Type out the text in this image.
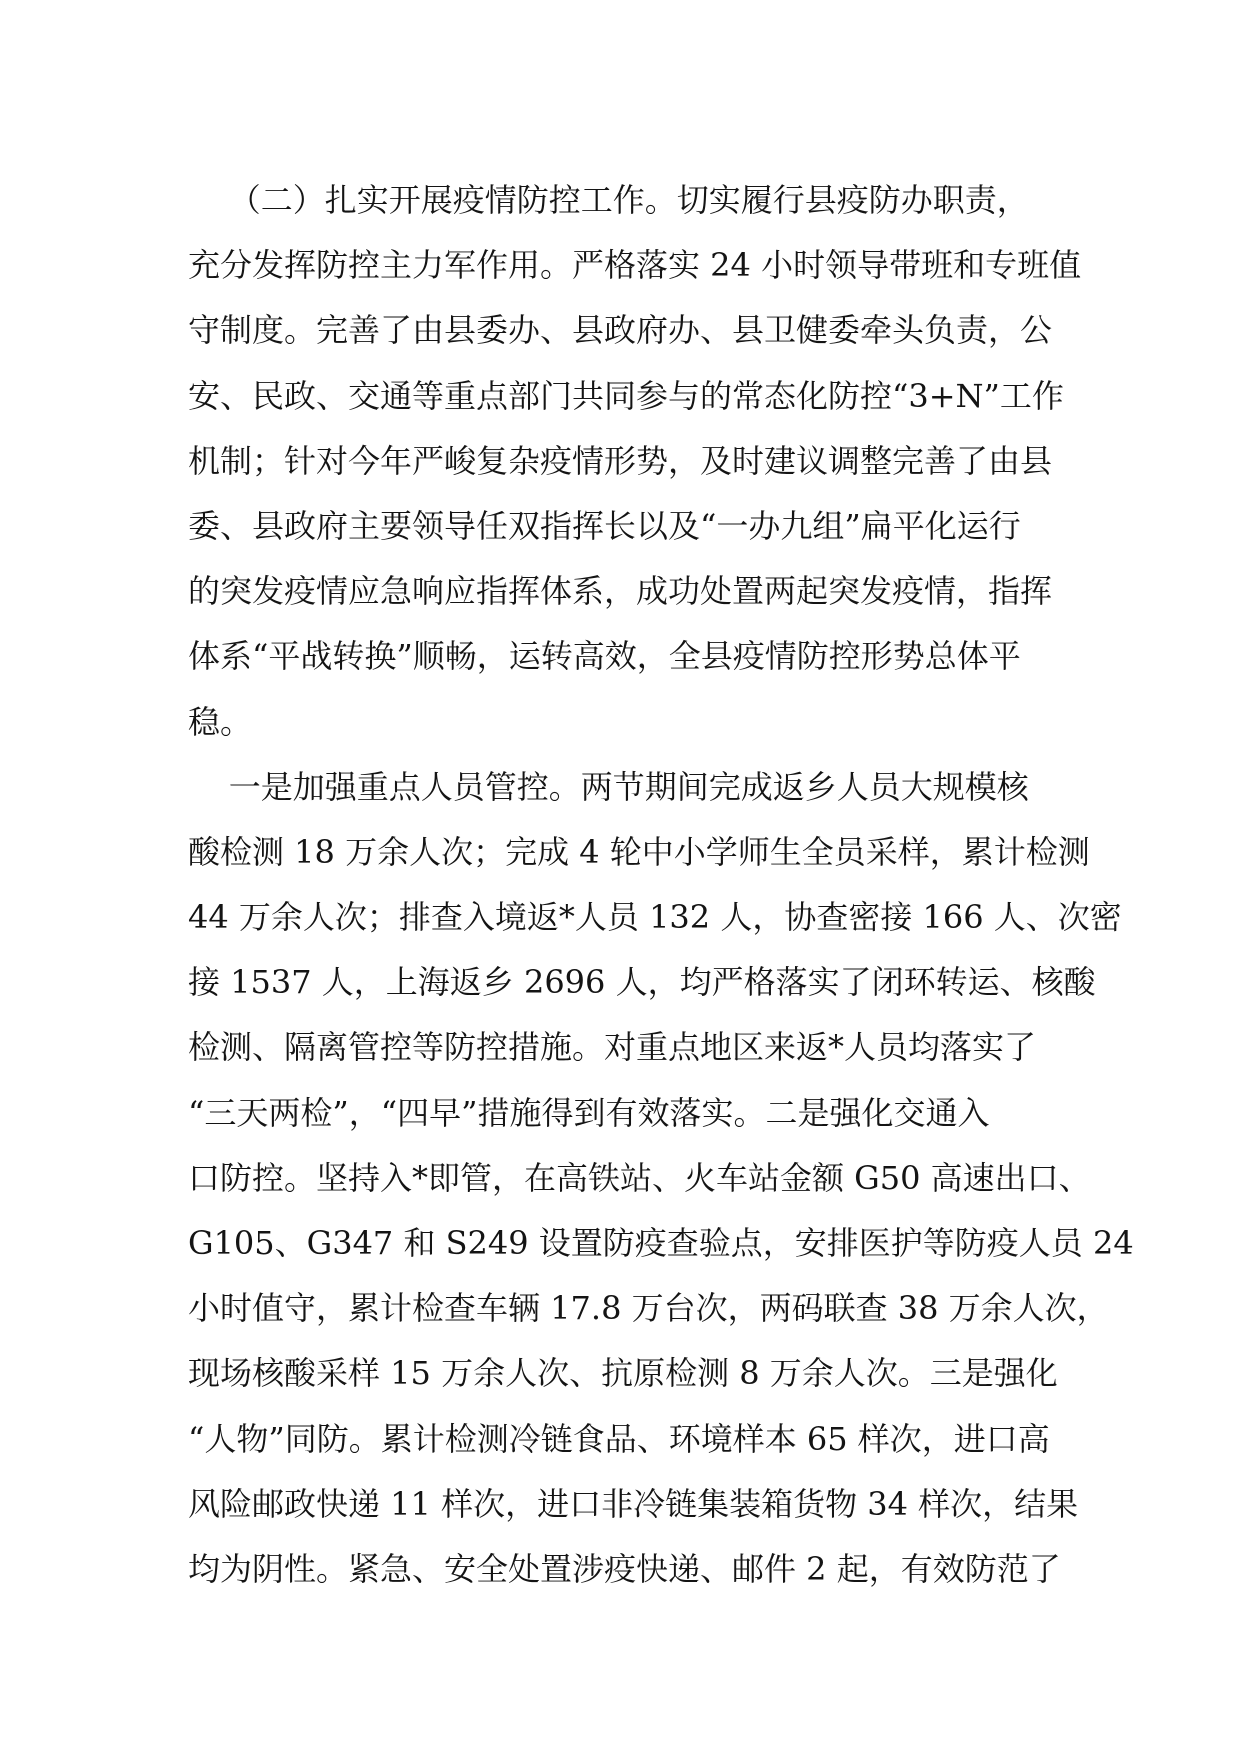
（二）扎实开展疫情防控工作。切实履行县疫防办职责，
充分发挥防控主力军作用。严格落实 24 小时领导带班和专班值
守制度。完善了由县委办、县政府办、县卫健委牵头负责，公
安、民政、交通等重点部门共同参与的常态化防控“3+N”工作
机制；针对今年严峻复杂疫情形势，及时建议调整完善了由县
委、县政府主要领导任双指挥长以及“一办九组”扁平化运行
的突发疫情应急响应指挥体系，成功处置两起突发疫情，指挥
体系“平战转换”顺畅，运转高效，全县疫情防控形势总体平
稳。
一是加强重点人员管控。两节期间完成返乡人员大规模核
酸检测 18 万余人次；完成 4 轮中小学师生全员采样，累计检测
44 万余人次；排查入境返*人员 132 人，协查密接 166 人、次密
接 1537 人，上海返乡 2696 人，均严格落实了闭环转运、核酸
检测、隔离管控等防控措施。对重点地区来返*人员均落实了
“三天两检”，“四早”措施得到有效落实。二是强化交通入
口防控。坚持入*即管，在高铁站、火车站金额 G50 高速出口、
G105、G347 和 S249 设置防疫查验点，安排医护等防疫人员 24
小时值守，累计检查车辆 17.8 万台次，两码联查 38 万余人次，
现场核酸采样 15 万余人次、抗原检测 8 万余人次。三是强化
“人物”同防。累计检测冷链食品、环境样本 65 样次，进口高
风险邮政快递 11 样次，进口非冷链集装箱货物 34 样次，结果
均为阴性。紧急、安全处置涉疫快递、邮件 2 起，有效防范了
